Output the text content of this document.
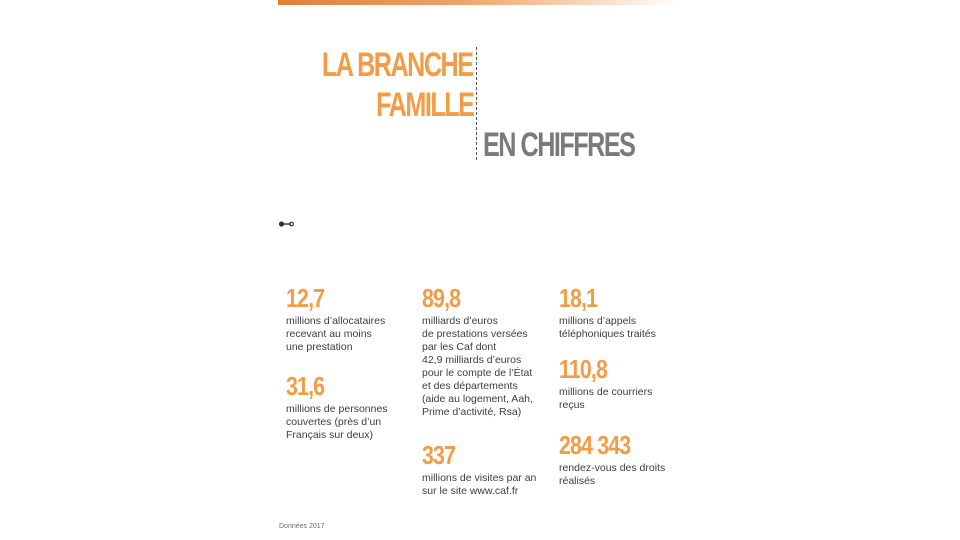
LA BRANCHE
FAMILLE
EN CHIFFRES
12,7
millions d’allocataires
recevant au moins
une prestation
31,6
millions de personnes
couvertes (près d’un
Français sur deux)
89,8
milliards d’euros
de prestations versées
par les Caf dont
42,9 milliards d’euros
pour le compte de l’État
et des départements
(aide au logement, Aah,
Prime d’activité, Rsa)
337
millions de visites par an
sur le site www.caf.fr
18,1
millions d’appels
téléphoniques traités
110,8
millions de courriers
reçus
284 343
rendez-vous des droits
réalisés
Données 2017
